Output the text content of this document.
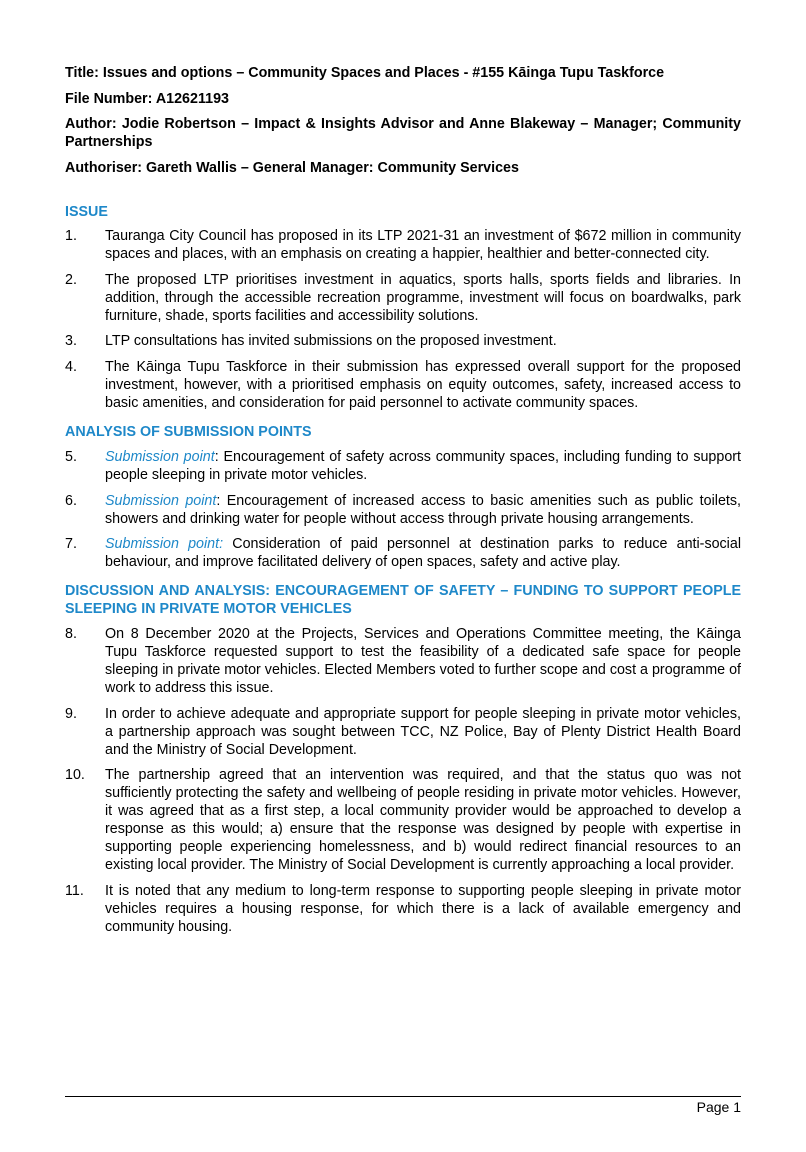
Title: Issues and options – Community Spaces and Places - #155 Kāinga Tupu Taskforce

File Number: A12621193

Author: Jodie Robertson – Impact & Insights Advisor and Anne Blakeway – Manager; Community Partnerships

Authoriser: Gareth Wallis – General Manager: Community Services

ISSUE
1. Tauranga City Council has proposed in its LTP 2021-31 an investment of $672 million in community spaces and places, with an emphasis on creating a happier, healthier and better-connected city.
2. The proposed LTP prioritises investment in aquatics, sports halls, sports fields and libraries. In addition, through the accessible recreation programme, investment will focus on boardwalks, park furniture, shade, sports facilities and accessibility solutions.
3. LTP consultations has invited submissions on the proposed investment.
4. The Kāinga Tupu Taskforce in their submission has expressed overall support for the proposed investment, however, with a prioritised emphasis on equity outcomes, safety, increased access to basic amenities, and consideration for paid personnel to activate community spaces.
ANALYSIS OF SUBMISSION POINTS
5. Submission point: Encouragement of safety across community spaces, including funding to support people sleeping in private motor vehicles.
6. Submission point: Encouragement of increased access to basic amenities such as public toilets, showers and drinking water for people without access through private housing arrangements.
7. Submission point: Consideration of paid personnel at destination parks to reduce anti-social behaviour, and improve facilitated delivery of open spaces, safety and active play.
DISCUSSION AND ANALYSIS: ENCOURAGEMENT OF SAFETY – FUNDING TO SUPPORT PEOPLE SLEEPING IN PRIVATE MOTOR VEHICLES
8. On 8 December 2020 at the Projects, Services and Operations Committee meeting, the Kāinga Tupu Taskforce requested support to test the feasibility of a dedicated safe space for people sleeping in private motor vehicles. Elected Members voted to further scope and cost a programme of work to address this issue.
9. In order to achieve adequate and appropriate support for people sleeping in private motor vehicles, a partnership approach was sought between TCC, NZ Police, Bay of Plenty District Health Board and the Ministry of Social Development.
10. The partnership agreed that an intervention was required, and that the status quo was not sufficiently protecting the safety and wellbeing of people residing in private motor vehicles. However, it was agreed that as a first step, a local community provider would be approached to develop a response as this would; a) ensure that the response was designed by people with expertise in supporting people experiencing homelessness, and b) would redirect financial resources to an existing local provider. The Ministry of Social Development is currently approaching a local provider.
11. It is noted that any medium to long-term response to supporting people sleeping in private motor vehicles requires a housing response, for which there is a lack of available emergency and community housing.
Page 1
